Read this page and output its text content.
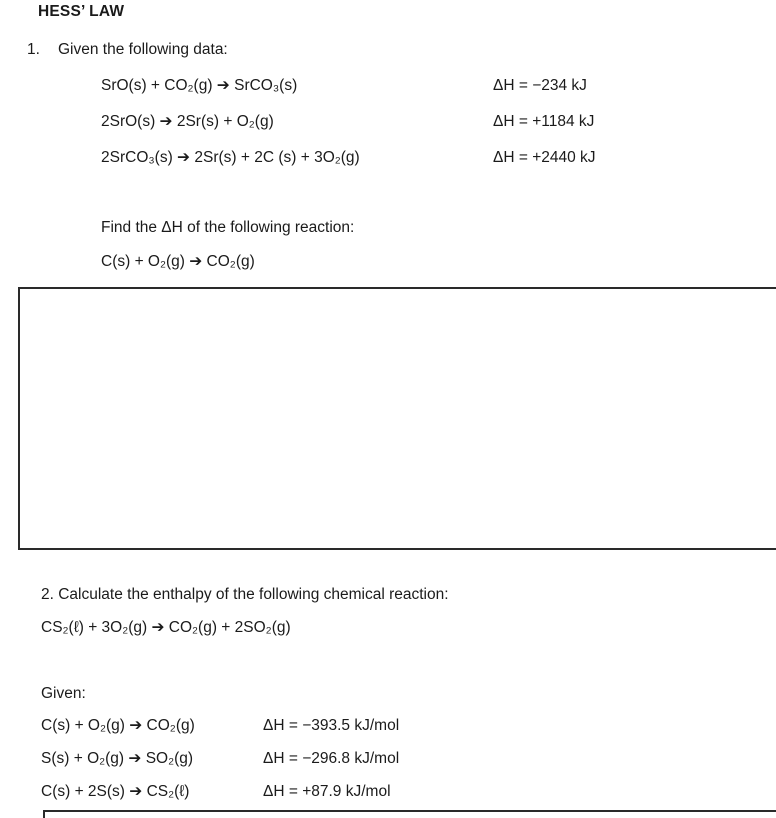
HESS’ LAW
1. Given the following data:
SrO(s) + CO₂(g) ➔ SrCO₃(s)	ΔH = −234 kJ
2SrO(s) ➔ 2Sr(s) + O₂(g)	ΔH = +1184 kJ
2SrCO₃(s) ➔ 2Sr(s) + 2C (s) + 3O₂(g)	ΔH = +2440 kJ
Find the ΔH of the following reaction:
C(s) + O₂(g) ➔ CO₂(g)
2. Calculate the enthalpy of the following chemical reaction:
CS₂(ℓ) + 3O₂(g) ➔ CO₂(g) + 2SO₂(g)
Given:
C(s) + O₂(g) ➔ CO₂(g)	ΔH = −393.5 kJ/mol
S(s) + O₂(g) ➔ SO₂(g)	ΔH = −296.8 kJ/mol
C(s) + 2S(s) ➔ CS₂(ℓ)	ΔH = +87.9 kJ/mol
